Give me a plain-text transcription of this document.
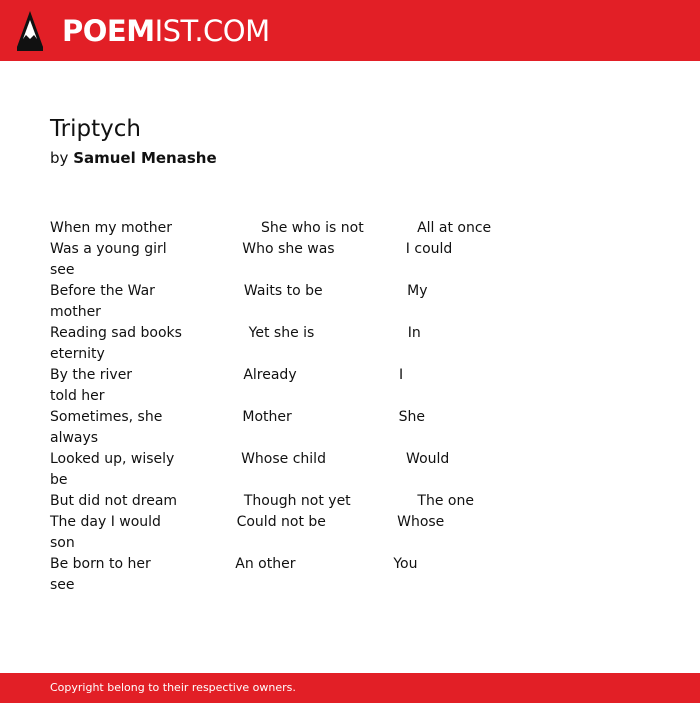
POEMIST.COM
Triptych
by Samuel Menashe
When my mother                    She who is not            All at once
Was a young girl                 Who she was                I could
see
Before the War                    Waits to be                   My
mother
Reading sad books               Yet she is                     In
eternity
By the river                         Already                       I
told her
Sometimes, she                  Mother                        She
always
Looked up, wisely               Whose child                  Would
be
But did not dream               Though not yet               The one
The day I would                 Could not be                Whose
son
Be born to her                   An other                      You
see
Copyright belong to their respective owners.
